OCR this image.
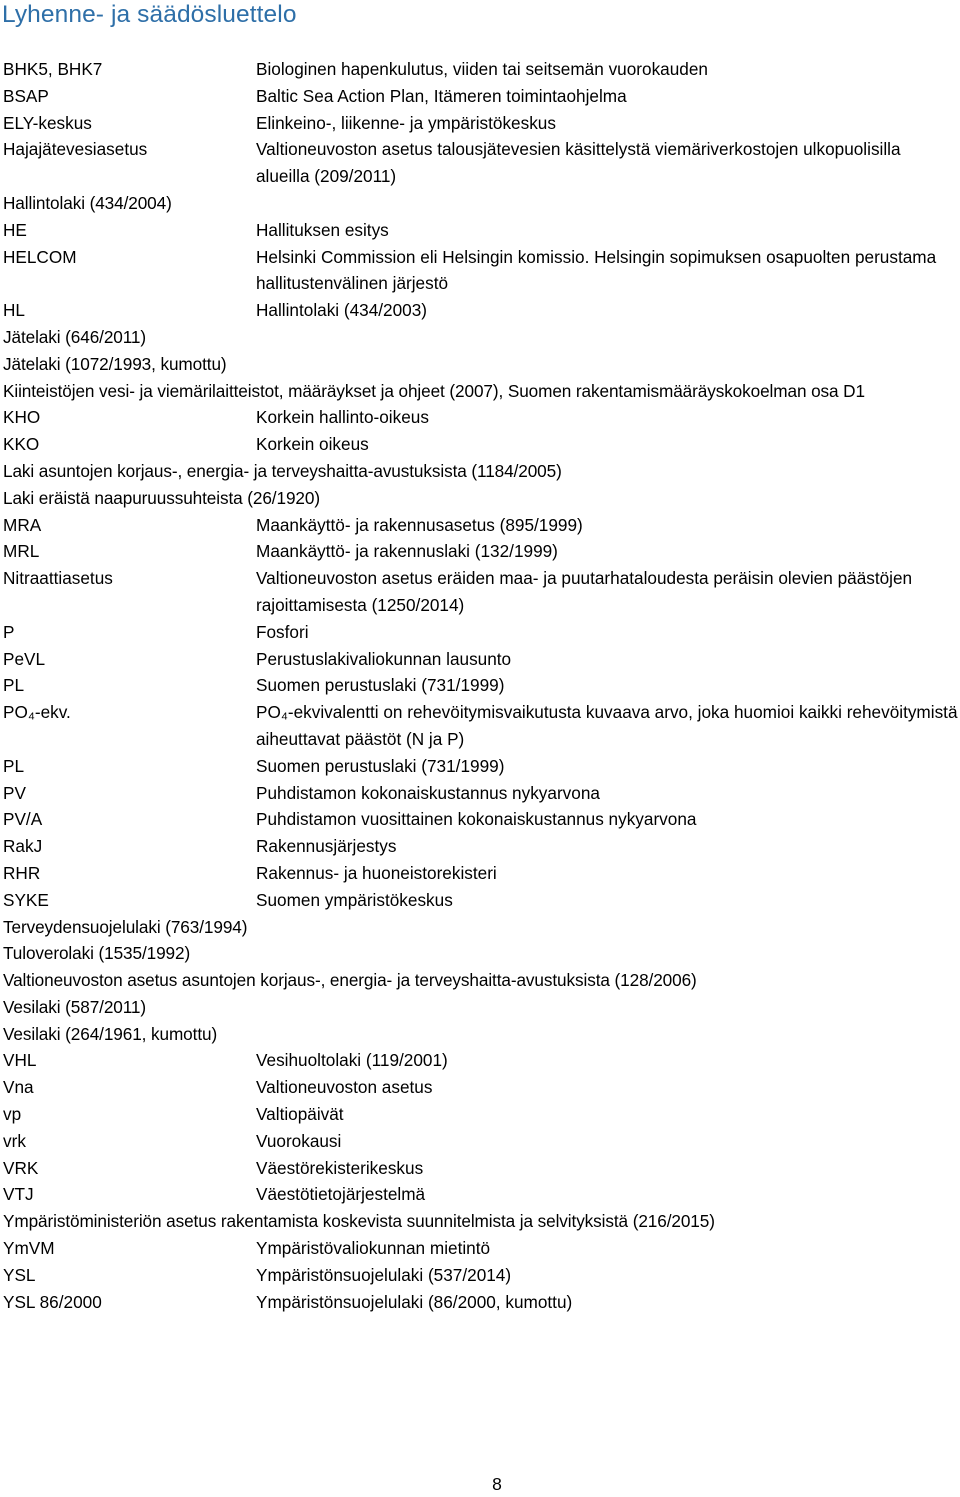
Lyhenne- ja säädösluettelo
BHK5, BHK7	Biologinen hapenkulutus, viiden tai seitsemän vuorokauden
BSAP	Baltic Sea Action Plan, Itämeren toimintaohjelma
ELY-keskus	Elinkeino-, liikenne- ja ympäristökeskus
Hajajätevesiasetus	Valtioneuvoston asetus talousjätevesien käsittelystä viemäriverkostojen ulkopuolisilla alueilla (209/2011)
Hallintolaki (434/2004)
HE	Hallituksen esitys
HELCOM	Helsinki Commission eli Helsingin komissio. Helsingin sopimuksen osapuolten perustama hallitustenvälinen järjestö
HL	Hallintolaki (434/2003)
Jätelaki (646/2011)
Jätelaki (1072/1993, kumottu)
Kiinteistöjen vesi- ja viemärilaitteistot, määräykset ja ohjeet (2007), Suomen rakentamismääräyskokoelman osa D1
KHO	Korkein hallinto-oikeus
KKO	Korkein oikeus
Laki asuntojen korjaus-, energia- ja terveyshaitta-avustuksista (1184/2005)
Laki eräistä naapuruussuhteista (26/1920)
MRA	Maankäyttö- ja rakennusasetus (895/1999)
MRL	Maankäyttö- ja rakennuslaki (132/1999)
Nitraattiasetus	Valtioneuvoston asetus eräiden maa- ja puutarhataloudesta peräisin olevien päästöjen rajoittamisesta (1250/2014)
P	Fosfori
PeVL	Perustuslakivaliokunnan lausunto
PL	Suomen perustuslaki (731/1999)
PO₄-ekv.	PO₄-ekvivalentti on rehevöitymisvaikutusta kuvaava arvo, joka huomioi kaikki rehevöitymistä aiheuttavat päästöt (N ja P)
PL	Suomen perustuslaki (731/1999)
PV	Puhdistamon kokonaiskustannus nykyarvona
PV/A	Puhdistamon vuosittainen kokonaiskustannus nykyarvona
RakJ	Rakennusjärjestys
RHR	Rakennus- ja huoneistorekisteri
SYKE	Suomen ympäristökeskus
Terveydensuojelulaki (763/1994)
Tuloverolaki (1535/1992)
Valtioneuvoston asetus asuntojen korjaus-, energia- ja terveyshaitta-avustuksista (128/2006)
Vesilaki (587/2011)
Vesilaki (264/1961, kumottu)
VHL	Vesihuoltolaki (119/2001)
Vna	Valtioneuvoston asetus
vp	Valtiopäivät
vrk	Vuorokausi
VRK	Väestörekisterikeskus
VTJ	Väestötietojärjestelmä
Ympäristöministeriön asetus rakentamista koskevista suunnitelmista ja selvityksistä (216/2015)
YmVM	Ympäristövaliokunnan mietintö
YSL	Ympäristönsuojelulaki (537/2014)
YSL 86/2000	Ympäristönsuojelulaki (86/2000, kumottu)
8
